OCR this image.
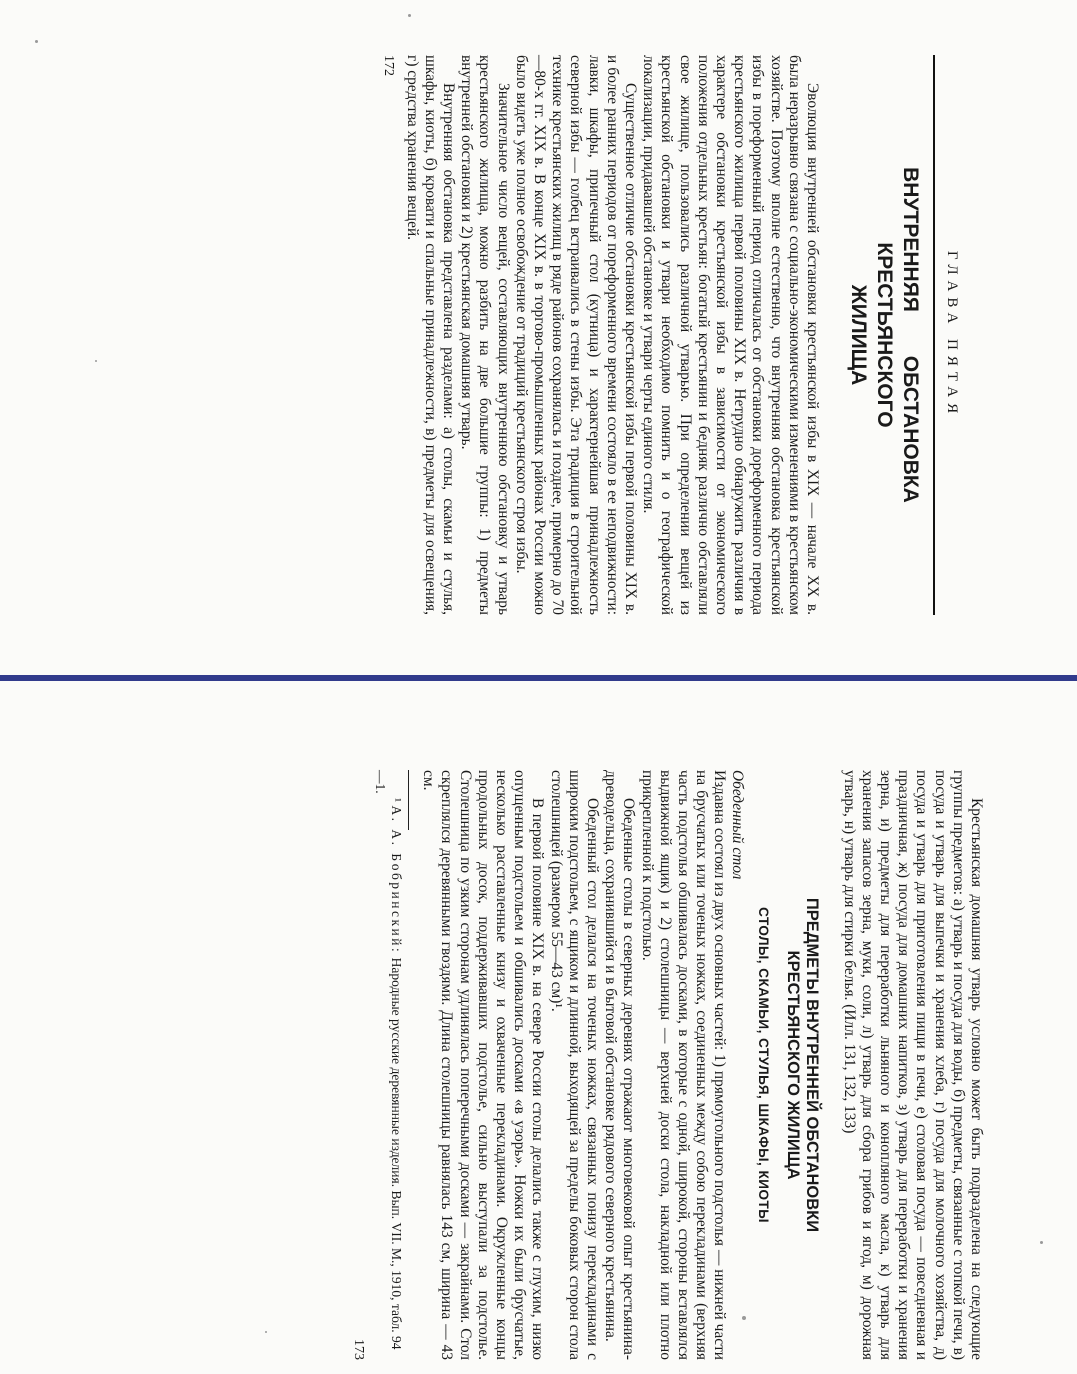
ГЛАВА ПЯТАЯ
ВНУТРЕННЯЯ ОБСТАНОВКА КРЕСТЬЯНСКОГО
ЖИЛИЩА

Эволюция внутренней обстановки крестьянской избы в XIX — начале XX в. была неразрывно связана с социально-экономическими изменениями в крестьянском хозяйстве. Поэтому вполне естественно, что внутренняя обстановка крестьянской избы в пореформенный период отличалась от обстановки дореформенного периода крестьянского жилища первой половины XIX в. Нетрудно обнаружить различия в характере обстановки крестьянской избы в зависимости от экономического положения отдельных крестьян: богатый крестьянин и бедняк различно обставляли свое жилище, пользовались различной утварью. При определении вещей из крестьянской обстановки и утвари необходимо помнить и о географической локализации, придававшей обстановке и утвари черты единого стиля.

Существенное отличие обстановки крестьянской избы первой половины XIX в. и более ранних периодов от пореформенного времени состояло в ее неподвижности: лавки, шкафы, припечный стол (кутница) и характернейшая принадлежность северной избы — голбец встраивались в стены избы. Эта традиция в строительной технике крестьянских жилищ в ряде районов сохранялась и позднее, примерно до 70—80-х гг. XIX в. В конце XIX в. в торгово-промышленных районах России можно было видеть уже полное освобождение от традиций крестьянского строя избы.

Значительное число вещей, составляющих внутреннюю обстановку и утварь крестьянского жилища, можно разбить на две большие группы: 1) предметы внутренней обстановки и 2) крестьянская домашняя утварь.

Внутренняя обстановка представлена разделами: а) столы, скамьи и стулья, шкафы, киоты, б) кровати и спальные принадлежности, в) предметы для освещения, г) средства хранения вещей.

172

Крестьянская домашняя утварь условно может быть подразделена на следующие группы предметов: а) утварь и посуда для воды, б) предметы, связанные с топкой печи, в) посуда и утварь для выпечки и хранения хлеба, г) посуда для молочного хозяйства, д) посуда и утварь для приготовления пищи в печи, е) столовая посуда — повседневная и праздничная, ж) посуда для домашних напитков, з) утварь для переработки и хранения зерна, и) предметы для переработки льняного и конопляного масла, к) утварь для хранения запасов зерна, муки, соли, л) утварь для сбора грибов и ягод, м) дорожная утварь, н) утварь для стирки белья. (Илл. 131, 132, 133)

ПРЕДМЕТЫ ВНУТРЕННЕЙ ОБСТАНОВКИ
КРЕСТЬЯНСКОГО ЖИЛИЩА
СТОЛЫ, СКАМЬИ, СТУЛЬЯ, ШКАФЫ, КИОТЫ
Обеденный стол

Издавна состоял из двух основных частей: 1) прямоугольного подстолья — нижней части на брусчатых или точеных ножках, соединенных между собою перекладинами (верхняя часть подстолья обшивалась досками, в которые с одной, широкой, стороны вставлялся выдвижной ящик) и 2) столешницы — верхней доски стола, накладной или плотно прикрепленной к подстолью.

Обеденные столы в северных деревнях отражают многовековой опыт крестьянина-древодельца, сохранившийся и в бытовой обстановке рядового северного крестьянина.

Обеденный стол делался на точеных ножках, связанных понизу перекладинами с широким подстольем, с ящиком и длинной, выходящей за пределы боковых сторон стола столешницей (размером 55—43 см)¹.

В первой половине XIX в. на севере России столы делались также с глухим, низко опущенным подстольем и обшивались досками «в узорь». Ножки их были брусчатые, несколько расставленные книзу и охваченные перекладинами. Окружленные концы продольных досок, поддерживавших подстолье, сильно выступали за подстолье. Столешница по узким сторонам удлинялась поперечными досками — закрайнами. Стол скреплялся деревянными гвоздями. Длина столешницы равнялась 143 см, ширина — 43 см.

¹ А. А. Бобринский: Народные русские деревянные изделия. Вып. VII. М., 1910, табл. 94—1.

173
